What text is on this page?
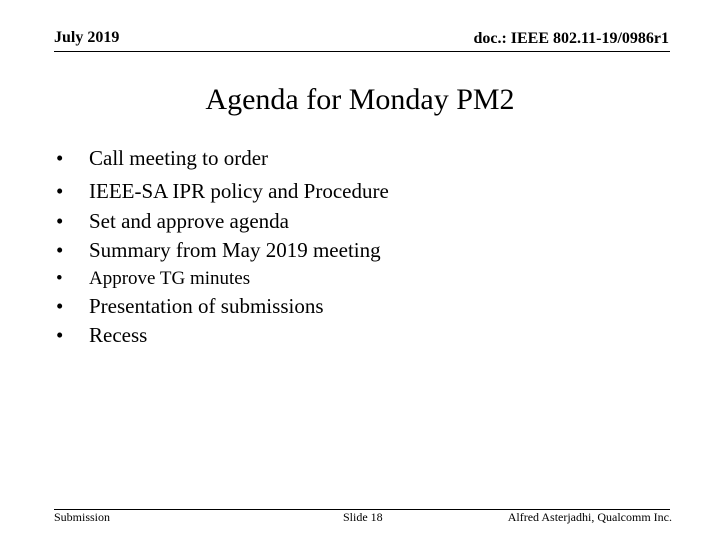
July 2019	doc.: IEEE 802.11-19/0986r1
Agenda for Monday PM2
•	Call meeting to order
•	IEEE-SA IPR policy and Procedure
•	Set and approve agenda
•	Summary from May 2019 meeting
•	Approve TG minutes
•	Presentation of submissions
•	Recess
Submission	Slide 18	Alfred Asterjadhi, Qualcomm Inc.
